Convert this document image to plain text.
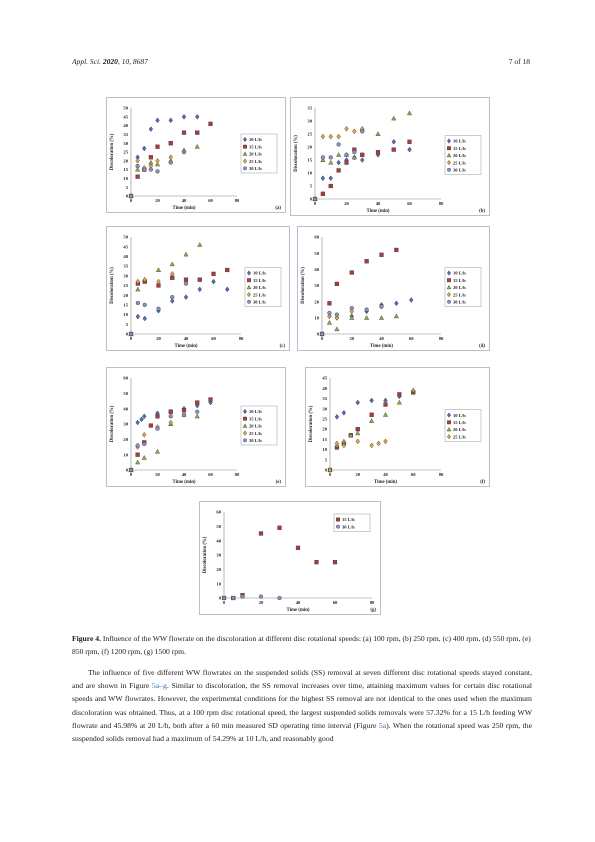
Appl. Sci. 2020, 10, 8687	7 of 18
0
5
10
15
20
25
30
35
40
45
50
0	20	40	60	80
Time (min)
Discoloration (%)
(a)
10 L/h
15 L/h
20 L/h
25 L/h
30 L/h
0
5
10
15
20
25
30
35
0	20	40	60	80
Time (min)
Discoloration (%)
(b)
10 L/h
15 L/h
20 L/h
25 L/h
30 L/h
0
5
10
15
20
25
30
35
40
45
50
0	20	40	60	80
Time (min)
Discoloration (%)
(c)
10 L/h
15 L/h
20 L/h
25 L/h
30 L/h
0
10
20
30
40
50
60
0	20	40	60	80
Time (min)
Discoloration (%)
(d)
10 L/h
15 L/h
20 L/h
25 L/h
30 L/h
0
10
20
30
40
50
60
0	20	40	60	80
Time (min)
Discoloration (%)
(e)
10 L/h
15 L/h
20 L/h
25 L/h
30 L/h
0
5
10
15
20
25
30
35
40
45
0	20	40	60	80
Time (min)
Discoloration (%)
(f)
10 L/h
15 L/h
20 L/h
25 L/h
0
10
20
30
40
50
60
0	20	40	60	80
Time (min)
Discoloration (%)
(g)
15 L/h
30 L/h
Figure 4. Influence of the WW flowrate on the discoloration at different disc rotational speeds: (a) 100 rpm, (b) 250 rpm, (c) 400 rpm, (d) 550 rpm, (e) 850 rpm, (f) 1200 rpm, (g) 1500 rpm.

The influence of five different WW flowrates on the suspended solids (SS) removal at seven different disc rotational speeds stayed constant, and are shown in Figure 5a–g. Similar to discoloration, the SS removal increases over time, attaining maximum values for certain disc rotational speeds and WW flowrates. However, the experimental conditions for the highest SS removal are not identical to the ones used when the maximum discoloration was obtained. Thus, at a 100 rpm disc rotational speed, the largest suspended solids removals were 57.32% for a 15 L/h feeding WW flowrate and 45.98% at 20 L/h, both after a 60 min measured SD operating time interval (Figure 5a). When the rotational speed was 250 rpm, the suspended solids removal had a maximum of 54.29% at 10 L/h, and reasonably good
